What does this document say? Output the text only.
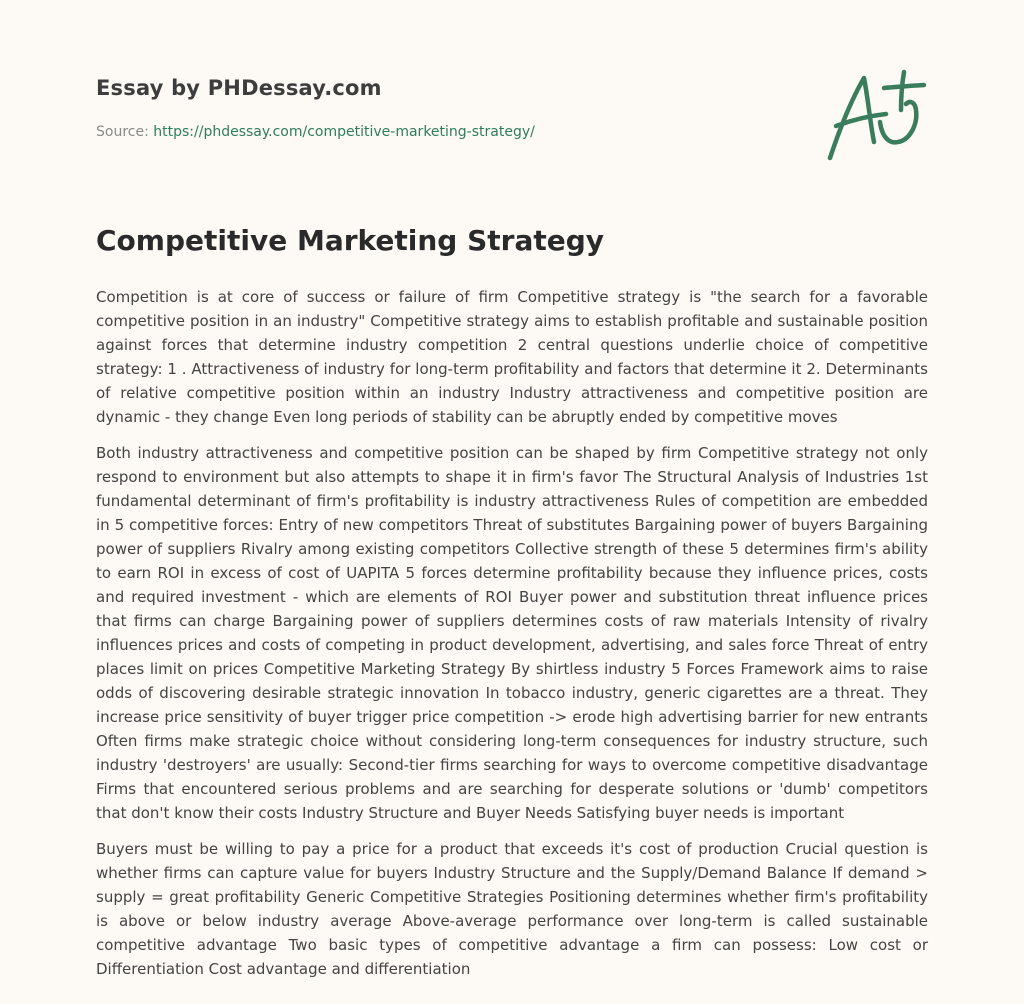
Essay by PHDessay.com
Source: https://phdessay.com/competitive-marketing-strategy/
Competitive Marketing Strategy

Competition is at core of success or failure of firm Competitive strategy is "the search for a favorable competitive position in an industry" Competitive strategy aims to establish profitable and sustainable position against forces that determine industry competition 2 central questions underlie choice of competitive strategy: 1 . Attractiveness of industry for long-term profitability and factors that determine it 2. Determinants of relative competitive position within an industry Industry attractiveness and competitive position are dynamic - they change Even long periods of stability can be abruptly ended by competitive moves

Both industry attractiveness and competitive position can be shaped by firm Competitive strategy not only respond to environment but also attempts to shape it in firm's favor The Structural Analysis of Industries 1st fundamental determinant of firm's profitability is industry attractiveness Rules of competition are embedded in 5 competitive forces: Entry of new competitors Threat of substitutes Bargaining power of buyers Bargaining power of suppliers Rivalry among existing competitors Collective strength of these 5 determines firm's ability to earn ROI in excess of cost of UAPITA 5 forces determine profitability because they influence prices, costs and required investment - which are elements of ROI Buyer power and substitution threat influence prices that firms can charge Bargaining power of suppliers determines costs of raw materials Intensity of rivalry influences prices and costs of competing in product development, advertising, and sales force Threat of entry places limit on prices Competitive Marketing Strategy By shirtless industry 5 Forces Framework aims to raise odds of discovering desirable strategic innovation In tobacco industry, generic cigarettes are a threat. They increase price sensitivity of buyer trigger price competition -> erode high advertising barrier for new entrants Often firms make strategic choice without considering long-term consequences for industry structure, such industry 'destroyers' are usually: Second-tier firms searching for ways to overcome competitive disadvantage Firms that encountered serious problems and are searching for desperate solutions or 'dumb' competitors that don't know their costs Industry Structure and Buyer Needs Satisfying buyer needs is important

Buyers must be willing to pay a price for a product that exceeds it's cost of production Crucial question is whether firms can capture value for buyers Industry Structure and the Supply/Demand Balance If demand > supply = great profitability Generic Competitive Strategies Positioning determines whether firm's profitability is above or below industry average Above-average performance over long-term is called sustainable competitive advantage Two basic types of competitive advantage a firm can possess: Low cost or Differentiation Cost advantage and differentiation
